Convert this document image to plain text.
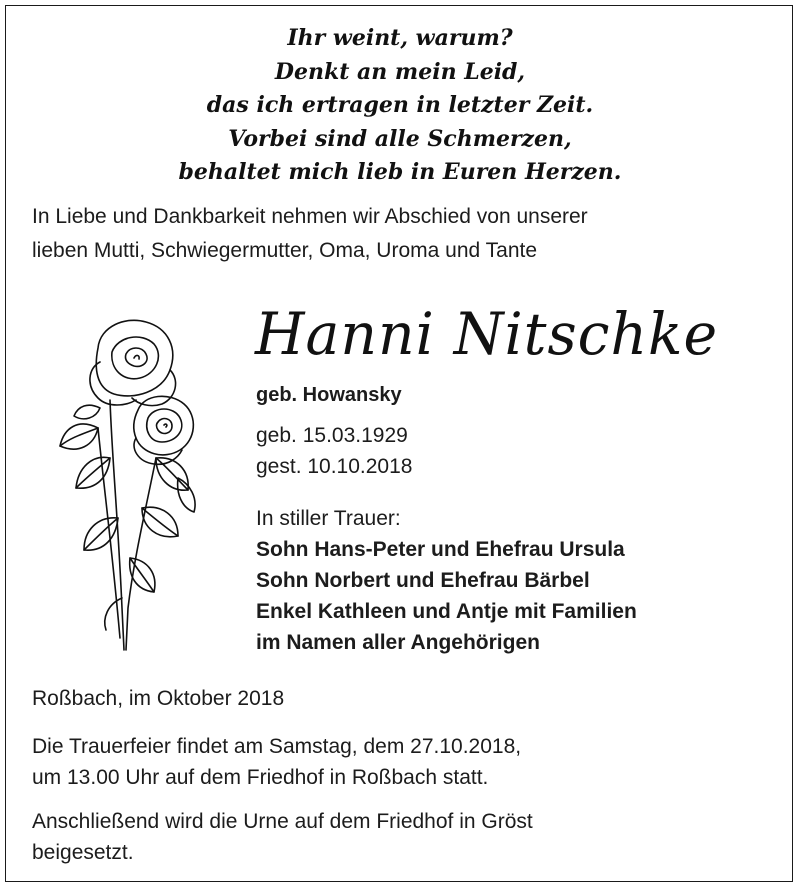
Ihr weint, warum?
Denkt an mein Leid,
das ich ertragen in letzter Zeit.
Vorbei sind alle Schmerzen,
behaltet mich lieb in Euren Herzen.
In Liebe und Dankbarkeit nehmen wir Abschied von unserer
lieben Mutti, Schwiegermutter, Oma, Uroma und Tante
Hanni Nitschke
geb. Howansky
geb. 15.03.1929
gest. 10.10.2018
In stiller Trauer:
Sohn Hans-Peter und Ehefrau Ursula
Sohn Norbert und Ehefrau Bärbel
Enkel Kathleen und Antje mit Familien
im Namen aller Angehörigen
Roßbach, im Oktober 2018
Die Trauerfeier findet am Samstag, dem 27.10.2018,
um 13.00 Uhr auf dem Friedhof in Roßbach statt.
Anschließend wird die Urne auf dem Friedhof in Gröst
beigesetzt.
